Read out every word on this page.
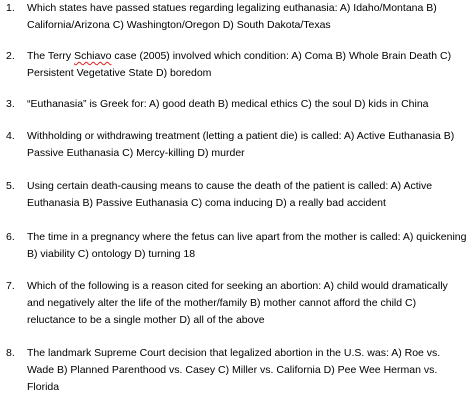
1.	Which states have passed statues regarding legalizing euthanasia: A) Idaho/Montana B) California/Arizona C) Washington/Oregon D) South Dakota/Texas
2.	The Terry Schiavo case (2005) involved which condition: A) Coma B) Whole Brain Death C) Persistent Vegetative State D) boredom
3.	“Euthanasia” is Greek for: A) good death B) medical ethics C) the soul D) kids in China
4.	Withholding or withdrawing treatment (letting a patient die) is called: A) Active Euthanasia B) Passive Euthanasia C) Mercy-killing D) murder
5.	Using certain death-causing means to cause the death of the patient is called: A) Active Euthanasia B) Passive Euthanasia C) coma inducing D) a really bad accident
6.	The time in a pregnancy where the fetus can live apart from the mother is called: A) quickening B) viability C) ontology D) turning 18
7.	Which of the following is a reason cited for seeking an abortion: A) child would dramatically and negatively alter the life of the mother/family B) mother cannot afford the child C) reluctance to be a single mother D) all of the above
8.	The landmark Supreme Court decision that legalized abortion in the U.S. was: A) Roe vs. Wade B) Planned Parenthood vs. Casey C) Miller vs. California D) Pee Wee Herman vs. Florida
